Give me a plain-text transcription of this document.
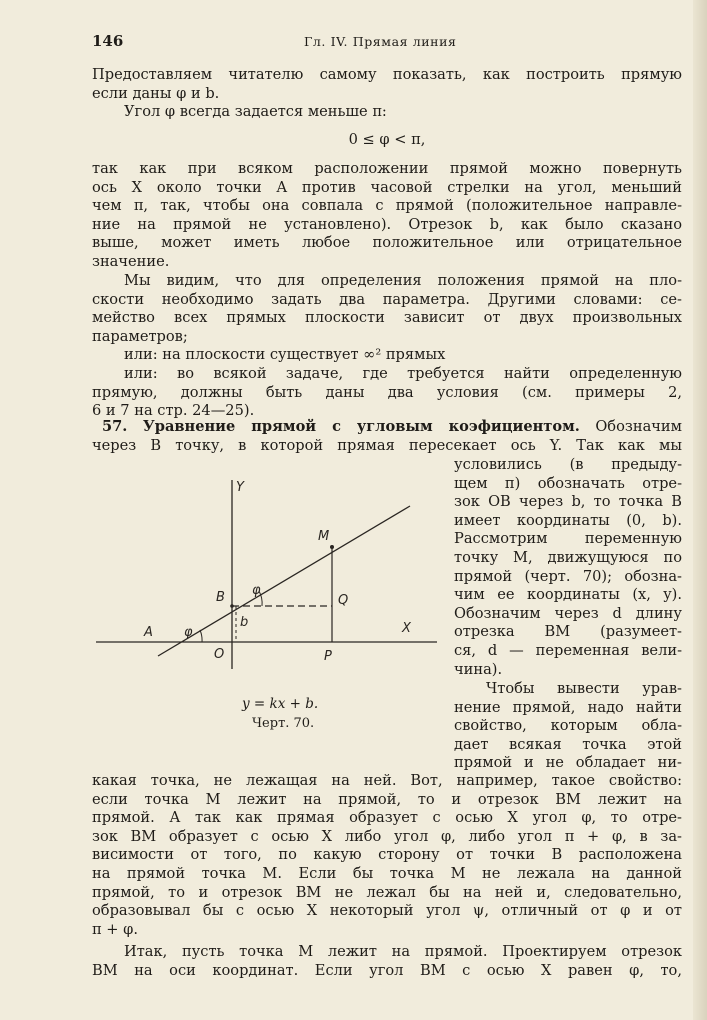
146	Гл. IV. Прямая линия
Предоставляем читателю самому показать, как построить прямую
если даны φ и b.
Угол φ всегда задается меньше π:
0 ≤ φ < π,
так как при всяком расположении прямой можно повернуть
ось X около точки A против часовой стрелки на угол, меньший
чем π, так, чтобы она совпала с прямой (положительное направле-
ние на прямой не установлено). Отрезок b, как было сказано
выше, может иметь любое положительное или отрицательное
значение.
Мы видим, что для определения положения прямой на пло-
скости необходимо задать два параметра. Другими словами: се-
мейство всех прямых плоскости зависит от двух произвольных
параметров;
или: на плоскости существует ∞² прямых
или: во всякой задаче, где требуется найти определенную
прямую, должны быть даны два условия (см. примеры 2,
6 и 7 на стр. 24—25).
57. Уравнение прямой с угловым коэфициентом. Обозначим
через B точку, в которой прямая пересекает ось Y. Так как мы
условились (в предыду-
щем п) обозначать отре-
зок OB через b, то точка B
имеет координаты (0, b).
Рассмотрим переменную
точку M, движущуюся по
прямой (черт. 70); обозна-
чим ее координаты (x, y).
Обозначим через d длину
отрезка BM (разумеет-
ся, d — переменная вели-
чина).
Чтобы вывести урав-
нение прямой, надо найти
свойство, которым обла-
дает всякая точка этой
прямой и не обладает ни-
Y
X
O
A
B
M
P
Q
b
φ
φ
y = kx + b.
Черт. 70.
какая точка, не лежащая на ней. Вот, например, такое свойство:
если точка M лежит на прямой, то и отрезок BM лежит на
прямой. А так как прямая образует с осью X угол φ, то отре-
зок BM образует с осью X либо угол φ, либо угол π + φ, в за-
висимости от того, по какую сторону от точки B расположена
на прямой точка M. Если бы точка M не лежала на данной
прямой, то и отрезок BM не лежал бы на ней и, следовательно,
образовывал бы с осью X некоторый угол ψ, отличный от φ и от
π + φ.
Итак, пусть точка M лежит на прямой. Проектируем отрезок
BM на оси координат. Если угол BM с осью X равен φ, то,
